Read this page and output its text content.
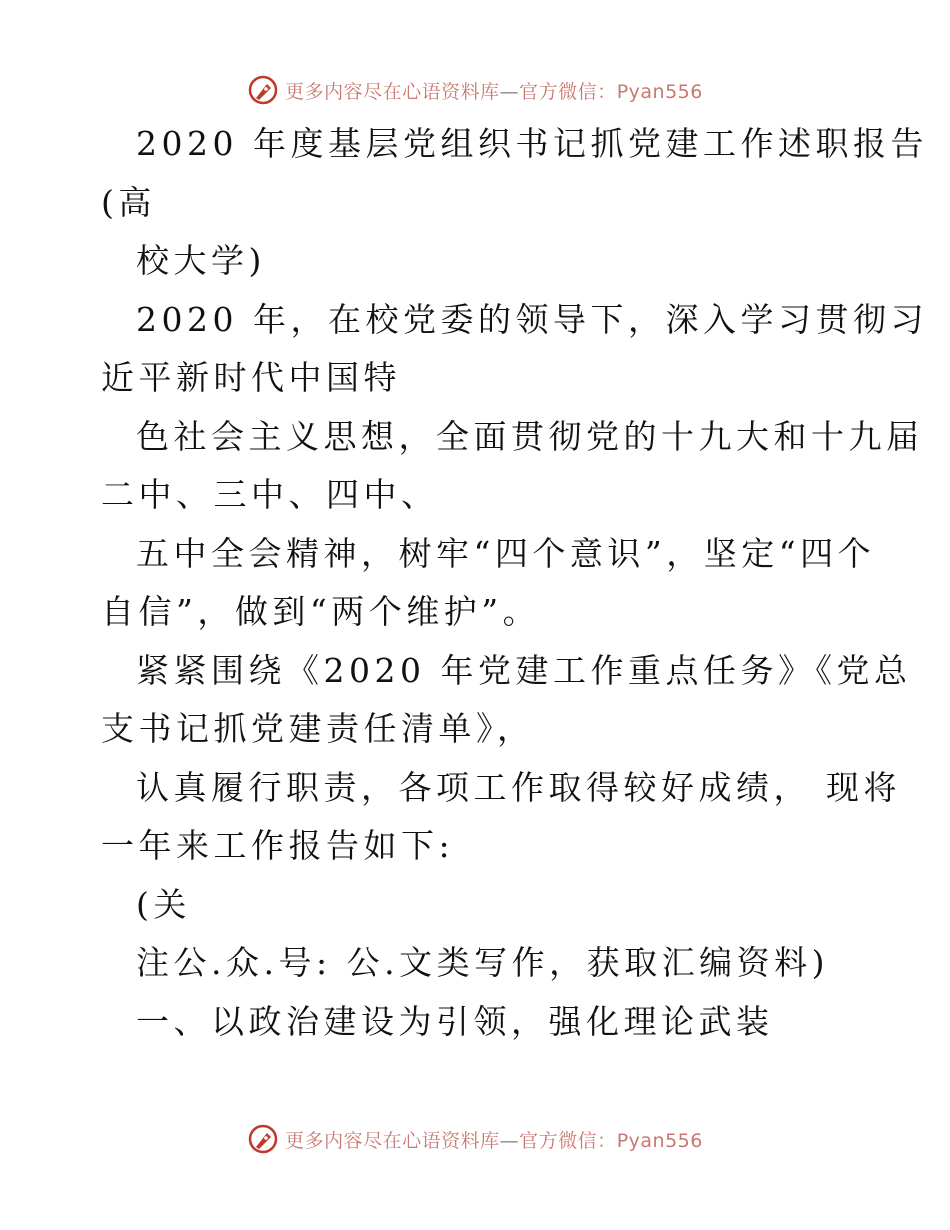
更多内容尽在心语资料库—官方微信：Pyan556
2020 年度基层党组织书记抓党建工作述职报告
(高
校大学)
2020 年，在校党委的领导下，深入学习贯彻习
近平新时代中国特
色社会主义思想，全面贯彻党的十九大和十九届
二中、三中、四中、
五中全会精神，树牢“四个意识”，坚定“四个
自信”，做到“两个维护”。
紧紧围绕《2020 年党建工作重点任务》《党总
支书记抓党建责任清单》，
认真履行职责，各项工作取得较好成绩， 现将
一年来工作报告如下:
(关
注公.众.号: 公.文类写作，获取汇编资料)
一、以政治建设为引领，强化理论武装
更多内容尽在心语资料库—官方微信：Pyan556
